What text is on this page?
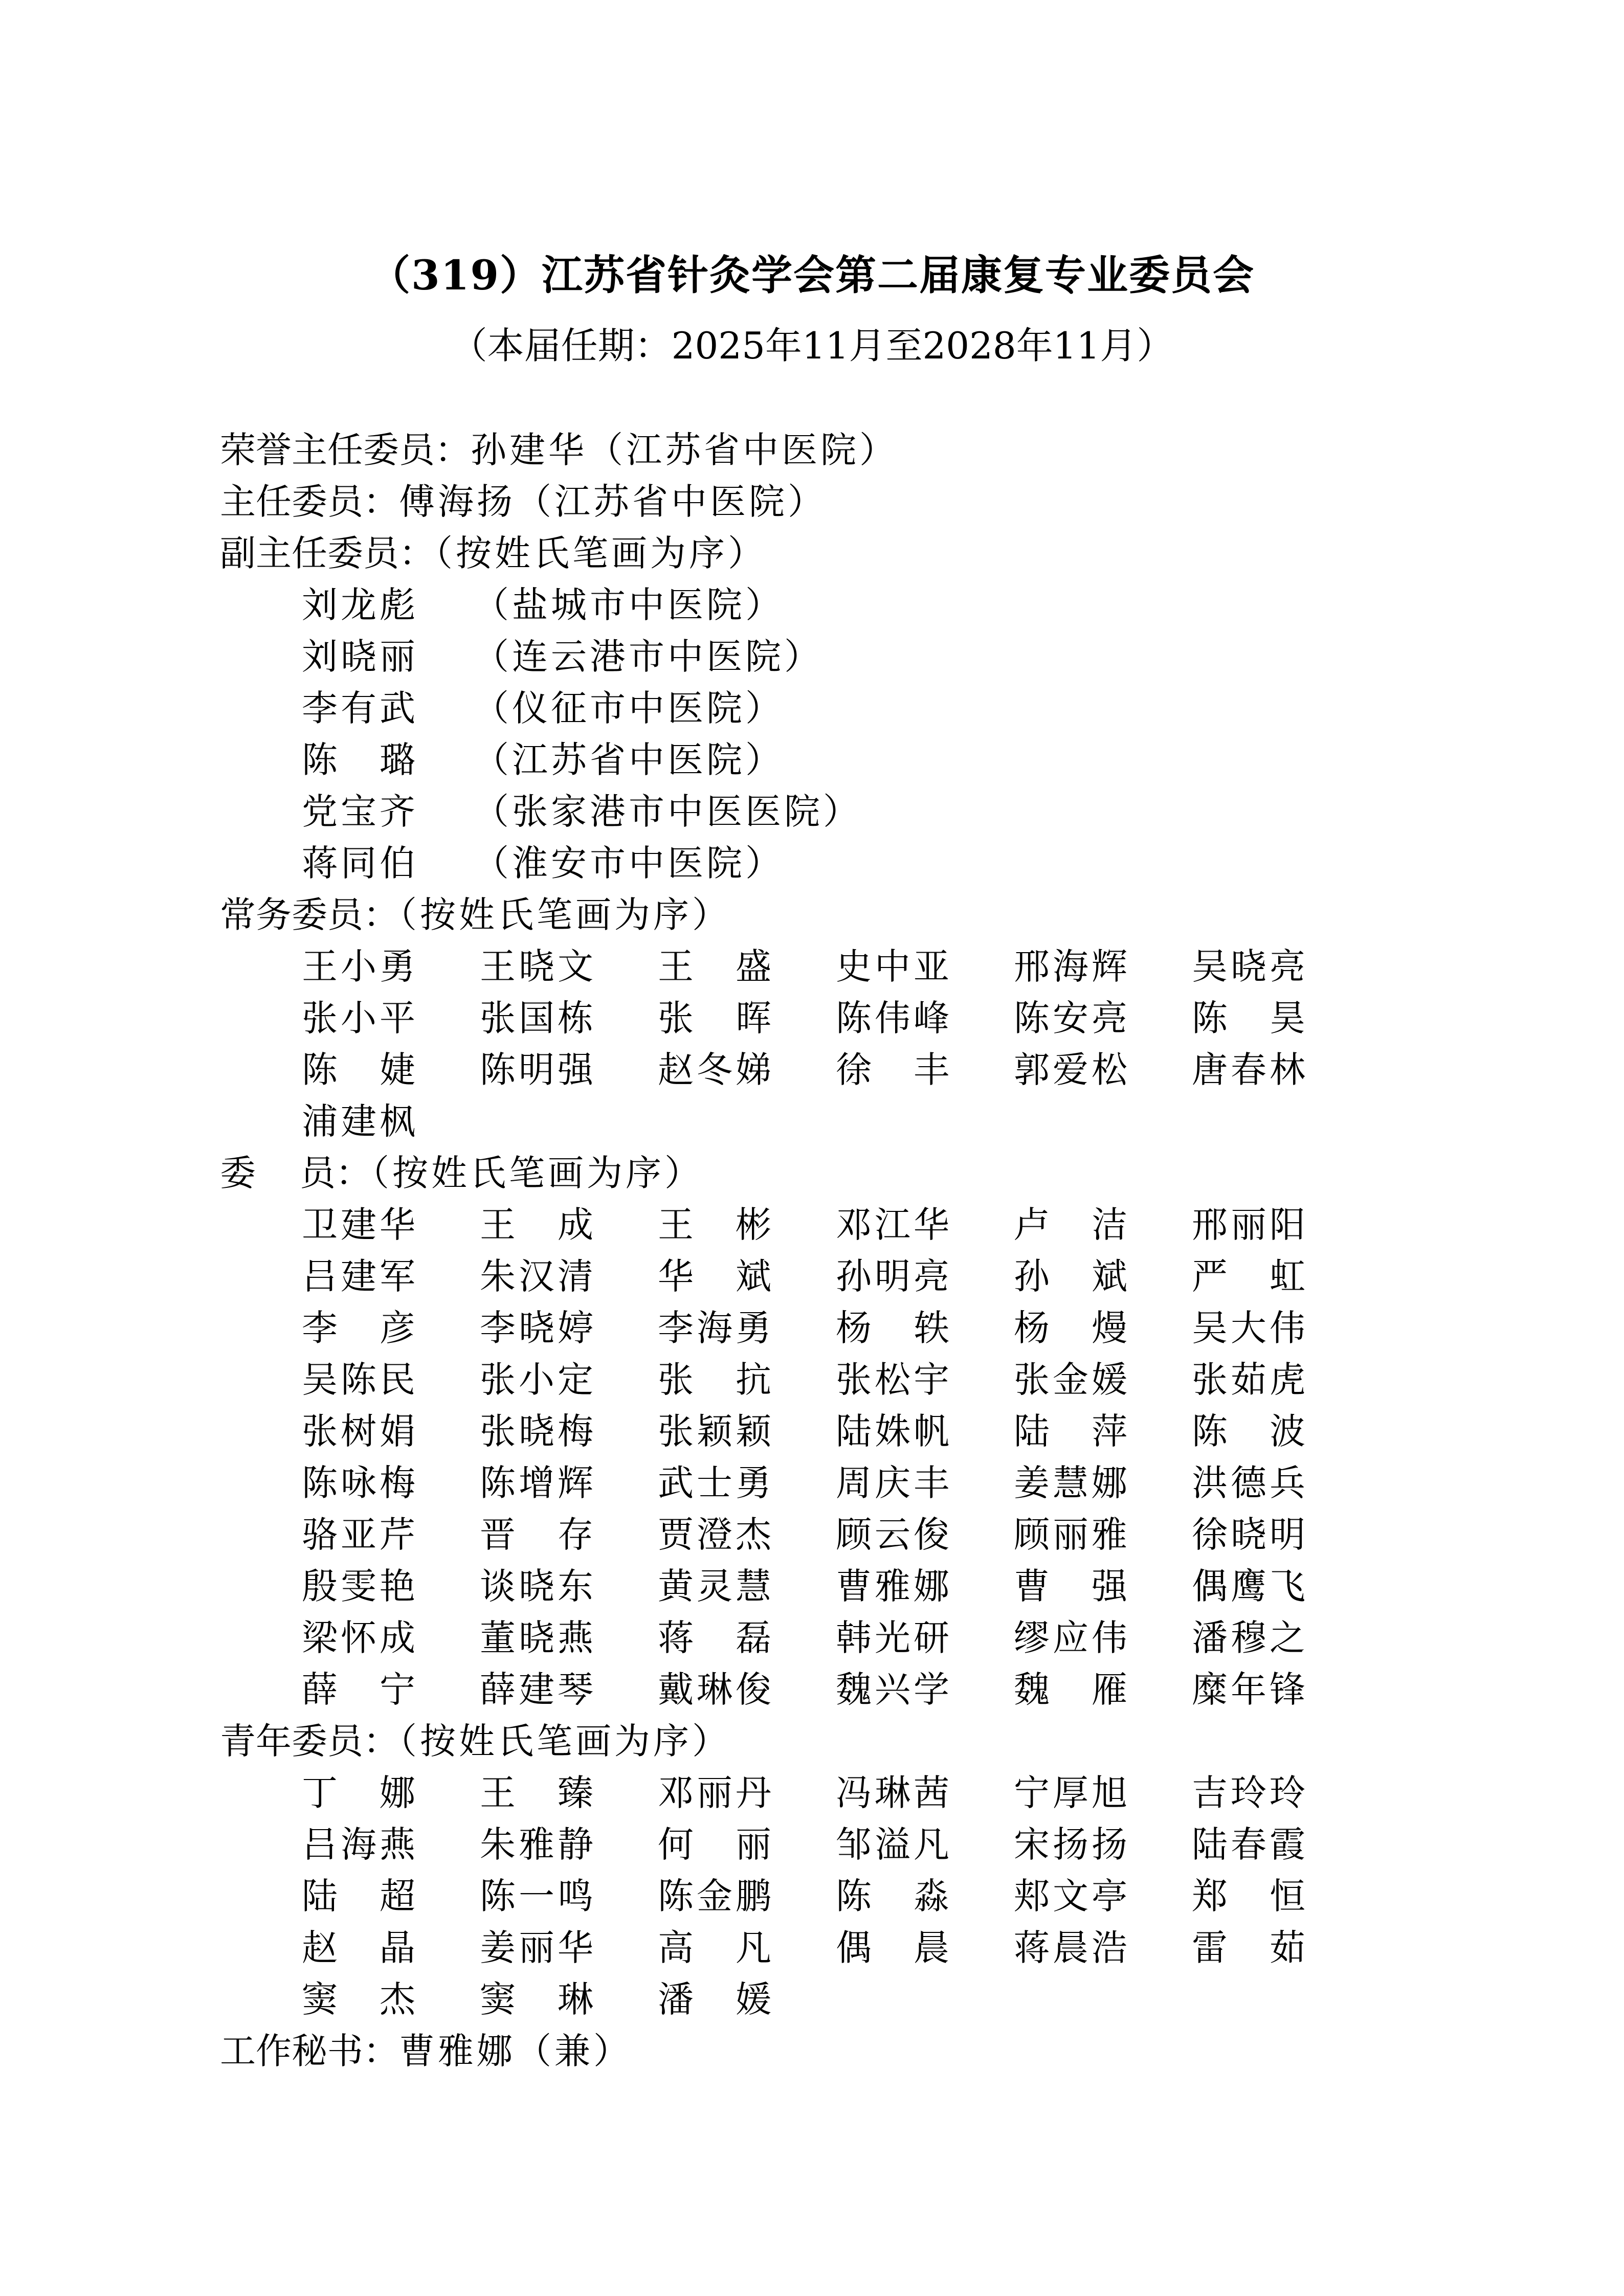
（319）江苏省针灸学会第二届康复专业委员会
（本届任期：2025年11月至2028年11月）
荣誉主任委员：孙建华（江苏省中医院）
主任委员：傅海扬（江苏省中医院）
副主任委员：（按姓氏笔画为序）
刘龙彪 （盐城市中医院）
刘晓丽 （连云港市中医院）
李有武 （仪征市中医院）
陈　璐 （江苏省中医院）
党宝齐 （张家港市中医医院）
蒋同伯 （淮安市中医院）
常务委员：（按姓氏笔画为序）
王小勇 王晓文 王　盛 史中亚 邢海辉 吴晓亮
张小平 张国栋 张　晖 陈伟峰 陈安亮 陈　昊
陈　婕 陈明强 赵冬娣 徐　丰 郭爱松 唐春林
浦建枫
委员：（按姓氏笔画为序）
卫建华 王　成 王　彬 邓江华 卢　洁 邢丽阳
吕建军 朱汉清 华　斌 孙明亮 孙　斌 严　虹
李　彦 李晓婷 李海勇 杨　轶 杨　熳 吴大伟
吴陈民 张小定 张　抗 张松宇 张金媛 张茹虎
张树娟 张晓梅 张颖颖 陆姝帆 陆　萍 陈　波
陈咏梅 陈增辉 武士勇 周庆丰 姜慧娜 洪德兵
骆亚芹 晋　存 贾澄杰 顾云俊 顾丽雅 徐晓明
殷雯艳 谈晓东 黄灵慧 曹雅娜 曹　强 偶鹰飞
梁怀成 董晓燕 蒋　磊 韩光研 缪应伟 潘穆之
薛　宁 薛建琴 戴琳俊 魏兴学 魏　雁 糜年锋
青年委员：（按姓氏笔画为序）
丁　娜 王　臻 邓丽丹 冯琳茜 宁厚旭 吉玲玲
吕海燕 朱雅静 何　丽 邹溢凡 宋扬扬 陆春霞
陆　超 陈一鸣 陈金鹏 陈　淼 郏文亭 郑　恒
赵　晶 姜丽华 高　凡 偶　晨 蒋晨浩 雷　茹
窦　杰 窦　琳 潘　媛
工作秘书：曹雅娜（兼）
